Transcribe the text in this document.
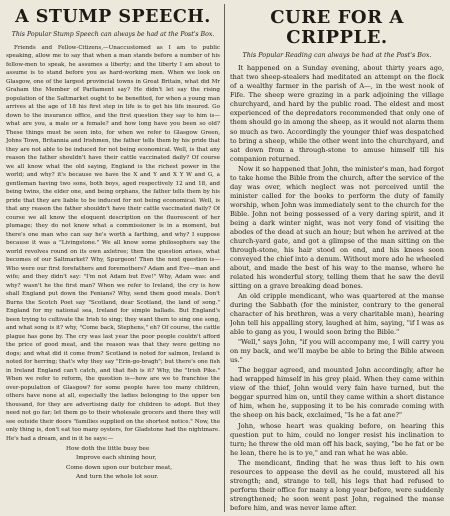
A STUMP SPEECH.
This Popular Stump Speech can always be had at the Post's Box.

Friends and Fellow-Citizens,—Unaccustomed as I am to public speaking, allow me to say that when a man stands before a number of his fellow-men to speak, he assumes a liberty; and the liberty I am about to assume is to stand before you as hard-working men. When we look on Glasgow, one of the largest provincial towns in Great Britain, what did Mr Graham the Member of Parliament say? He didn't let say the rising population of the Saltmarket ought to be benefited, for when a young man arrives at the age of 18 his first step in life is to get his life insured. Go down to the insurance office, and the first question they say to him is—what are you, a male or a female? and how long have you been so old? These things must be seen into, for when we refer to Glasgow Green, Johns Town, Britannia and Irishmen, the father tells them by his pride that they are not able to be induced for not being economical. Well, is that any reason the father shouldn't have their cattle vaccinated daily? Of course we all know what the old saying, England is the richest power in the world; and why? it's because we have the X and Y and X Y W and G, a gentleman having two sons, both boys, aged respectively 12 and 18, and being twins, the elder one, and being orphans, the father tells them by his pride that they are liable to be induced for not being economical. Well, is that any reason the father shouldn't have their cattle vaccinated daily? Of course we all know the eloquent description on the fluorescent of her plumage; they do not know what a commissioner is in a moment, but there's one man who can say he's worth a farthing, and why? I suppose because it was a "Livingstone." We all know some philosophers say the world revolves round on its own axletree; then the question arises, what becomes of our Saltmarket? Why, Spurgeon! Then the next question is—Who were our first forefathers and foremothers? Adam and Eve—man and wife; and they didn't say: "I'm not Adam but Eve!" Why, Adam was: and why? wasn't he the first man? When we refer to Ireland, the cry is how shall England put down the Fenians? Why, send them good meals. Don't Burns the Scotch Poet say "Scotland, dear Scotland, the land of song." England for my national sea, Ireland for simple ballads. But England's been trying to cultivate the Irish to sing; they want them to sing one song, and what song is it? why, "Come back, Stephens," eh? Of course, the cattle plague has gone by. The cry was last year the poor people couldn't afford the price of good meat, and the reason was that they were getting no dogs; and what did it come from? Scotland is noted for salmon, Ireland is noted for herring; that's why they say "Erin-go-bragh"; but there's one fish in Ireland England can't catch, and that fish is it? Why, the "Irish Pike." When we refer to reform, the question is—how are we to franchise the over-population of Glasgow? for some people have too many children, others have none at all, especially the ladies belonging to the upper ten thousand, for they are advertising daily for children to adopt. But they need not go far; let them go to their wholesale grocers and there they will see outside their doors "families supplied on the shortest notice." Now, the only thing is, don't eat too many oysters, for Gladstone had the nightmare. He's had a dream, and in it he says:—

How doth the little busy bee
Improve each shining hour,
Come down upon our butcher meat,
And turn the whole lot sour.
CURE FOR A CRIPPLE.
This Popular Reading can always be had at the Post's Box.

It happened on a Sunday evening, about thirty years ago, that two sheep-stealers had meditated an attempt on the flock of a wealthy farmer in the parish of A—, in the west nook of Fife. The sheep were grazing in a park adjoining the village churchyard, and hard by the public road. The eldest and most experienced of the depredators recommended that only one of them should go in among the sheep, as it would not alarm them so much as two. Accordingly the younger thief was despatched to bring a sheep, while the other went into the churchyard, and sat down from a through-stone to amuse himself till his companion returned.

Now it so happened that John, the minister's man, had forgot to take home the Bible from the church, after the service of the day was over, which neglect was not perceived until the minister called for the books to perform the duty of family worship, when John was immediately sent to the church for the Bible. John not being possessed of a very daring spirit, and it being a dark winter night, was not very fond of visiting the abodes of the dead at such an hour; but when he arrived at the church-yard gate, and got a glimpse of the man sitting on the through-stone, his hair stood on end, and his knees soon conveyed the chief into a denum. Without more ado he wheeled about, and made the best of his way to the manse, where he related his wonderful story, telling them that he saw the devil sitting on a grave breaking dead bones.

An old cripple mendicant, who was quartered at the manse during the Sabbath (for the minister, contrary to the general character of his brethren, was a very charitable man), hearing John tell his appalling story, laughed at him, saying, "if I was as able to gang as you, I would soon bring the Bible."

"Well," says John, "if you will accompany me, I will carry you on my back, and we'll maybe be able to bring the Bible atween us."

The beggar agreed, and mounted John accordingly, after he had wrapped himself in his grey plaid. When they came within view of the thief, John would very fain have turned, but the beggar spurred him on, until they came within a short distance of him, when he, supposing it to be his comrade coming with the sheep on his back, exclaimed, "Is he a fat ane?"

John, whose heart was quaking before, on hearing this question put to him, could no longer resist his inclination to turn; he threw the old man off his back, saying, "be he fat or be he lean, there he is to ye," and ran what he was able.

The mendicant, finding that he was thus left to his own resources to appease the devil as he could, mustered all his strength; and, strange to tell, his legs that had refused to perform their office for many a long year before, were suddenly strengthened; he soon went past John, regained the manse before him, and was never lame after.
